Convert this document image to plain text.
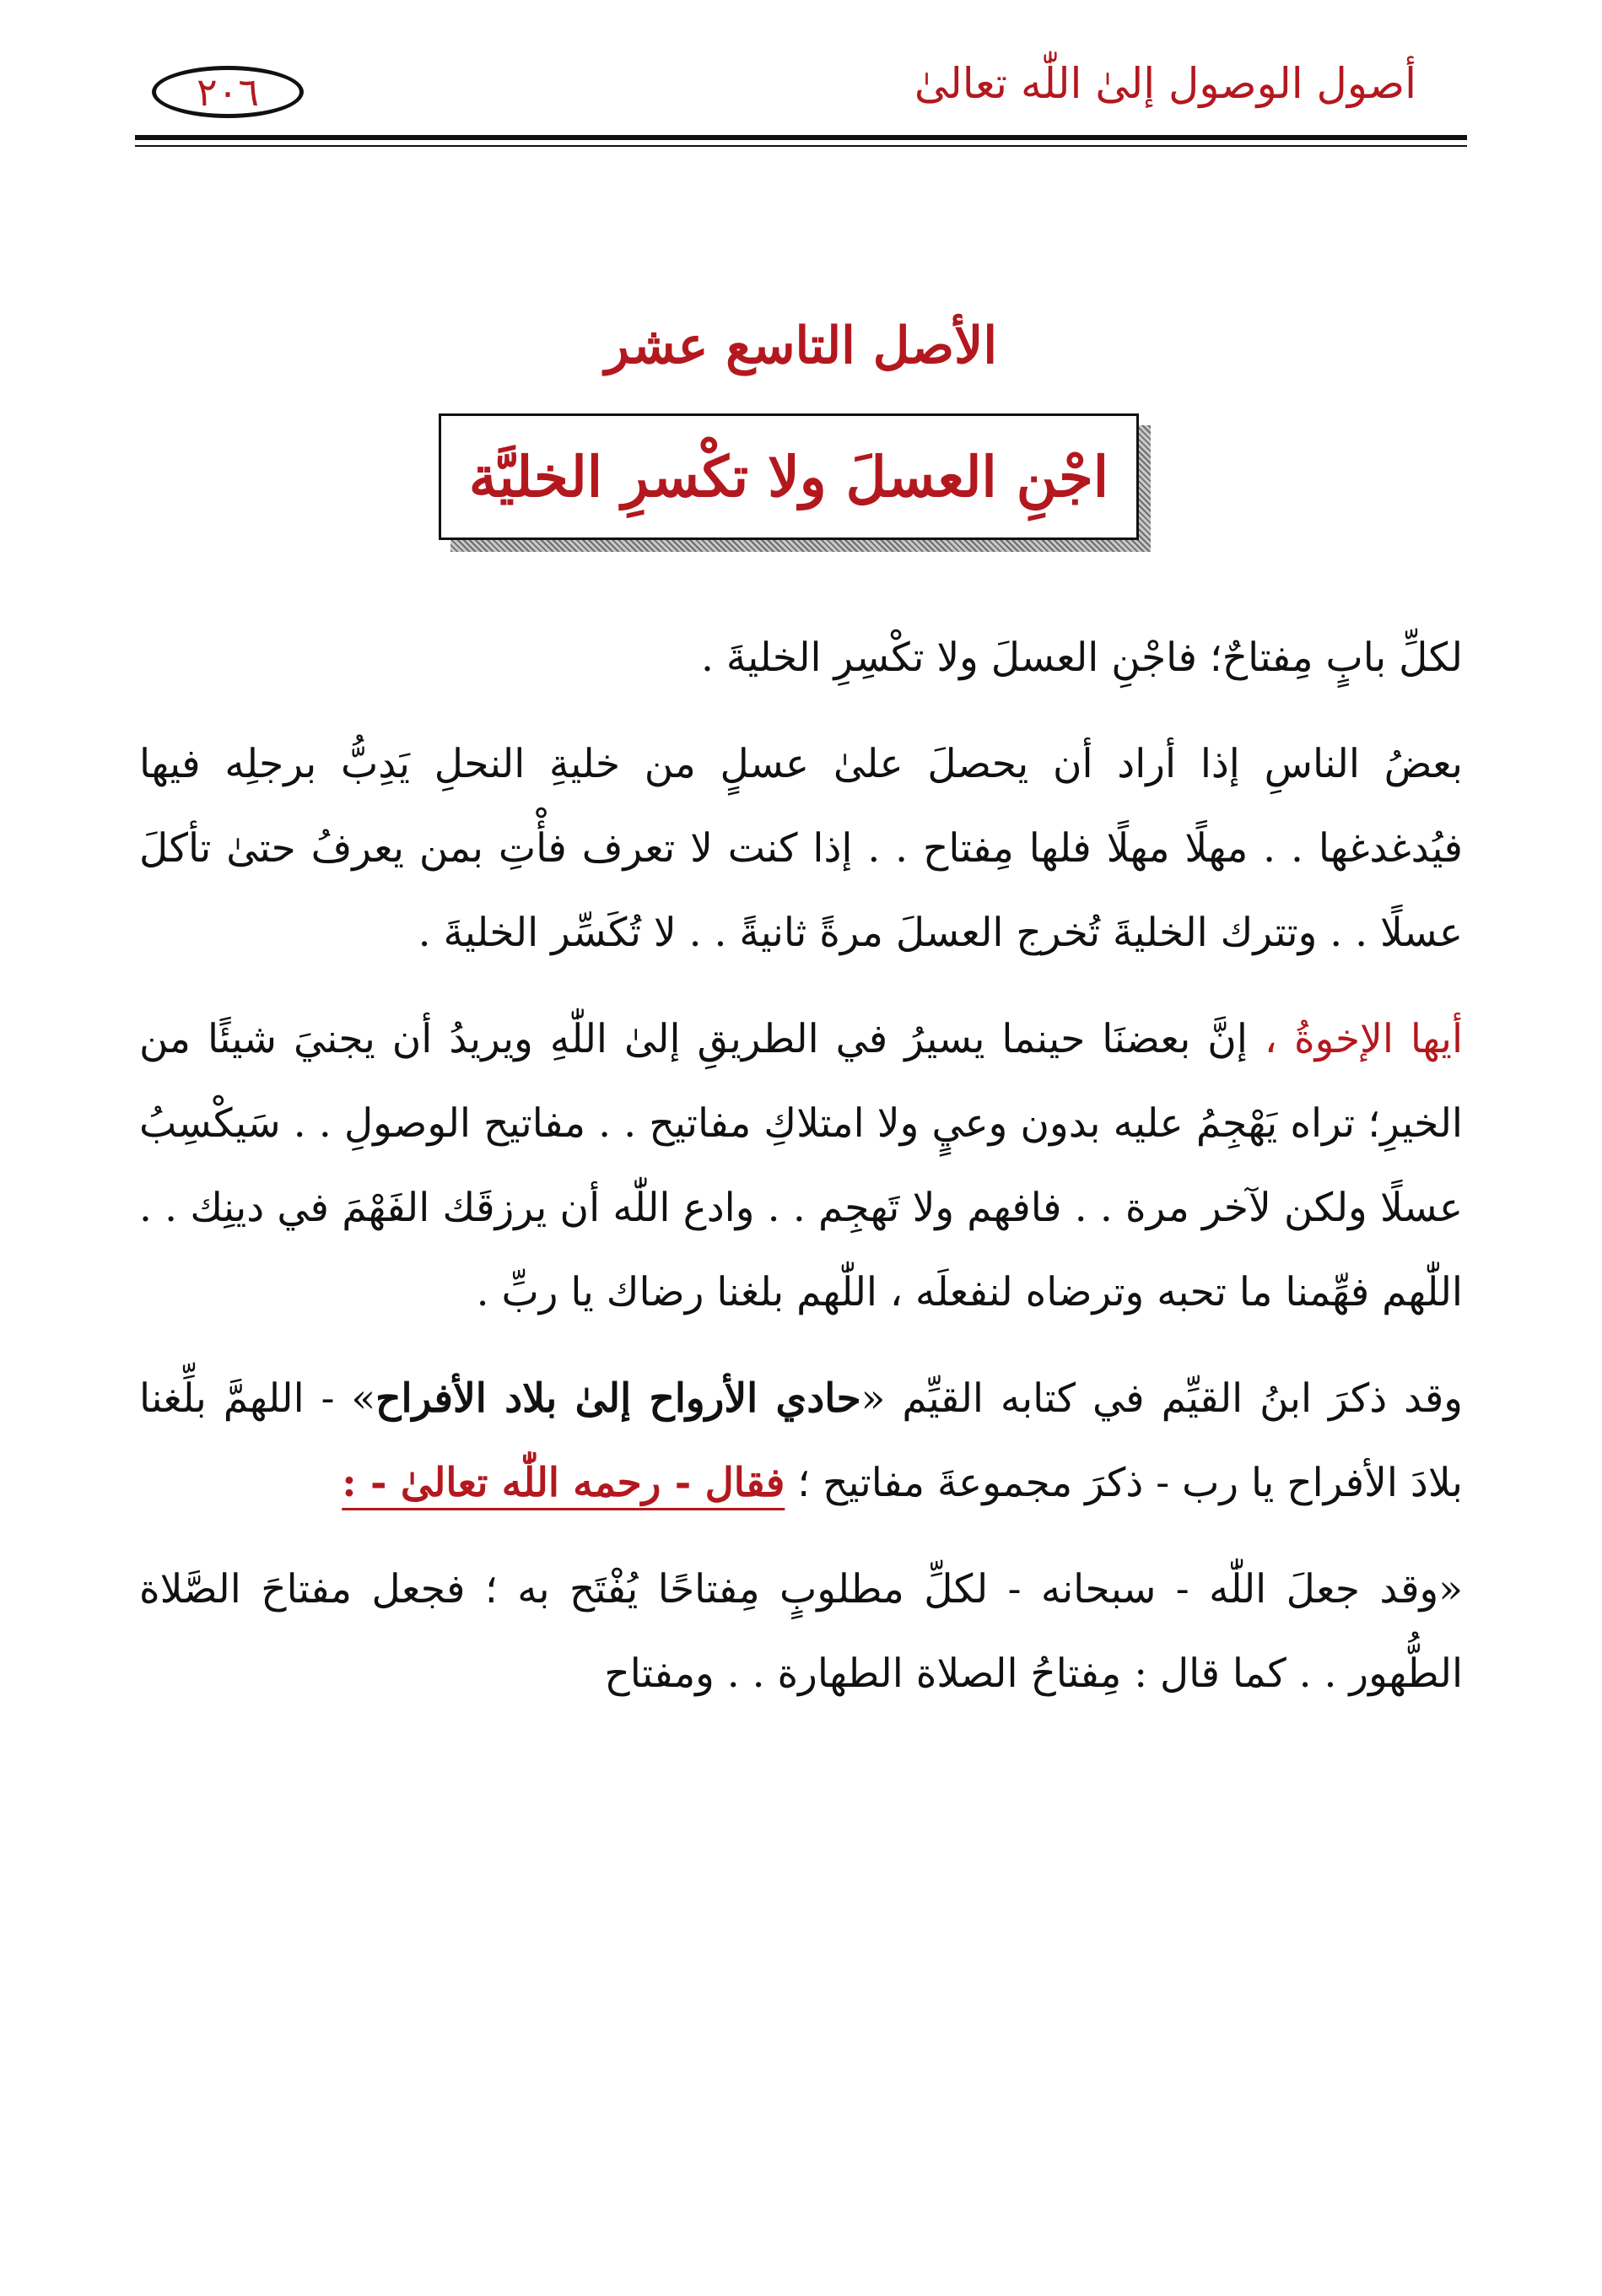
أصول الوصول إلىٰ اللّٰه تعالىٰ
٢٠٦
الأصل التاسع عشر
اجْنِ العسلَ ولا تكْسرِ الخليَّة

لكلِّ بابٍ مِفتاحٌ؛ فاجْنِ العسلَ ولا تكْسِرِ الخليةَ .

بعضُ الناسِ إذا أراد أن يحصلَ علىٰ عسلٍ من خليةِ النحلِ يَدِبُّ برجلِه فيها فيُدغدغها . . مهلًا مهلًا فلها مِفتاح . . إذا كنت لا تعرف فأْتِ بمن يعرفُ حتىٰ تأكلَ عسلًا . . وتترك الخليةَ تُخرج العسلَ مرةً ثانيةً . . لا تُكَسِّر الخليةَ .

أيها الإخوةُ ، إنَّ بعضنَا حينما يسيرُ في الطريقِ إلىٰ اللّٰهِ ويريدُ أن يجنيَ شيئًا من الخيرِ؛ تراه يَهْجِمُ عليه بدون وعيٍ ولا امتلاكِ مفاتيح . . مفاتيح الوصولِ . . سَيكْسِبُ عسلًا ولكن لآخر مرة . . فافهم ولا تَهجِم . . وادع اللّٰه أن يرزقَك الفَهْمَ في دينِك . . اللّٰهم فهِّمنا ما تحبه وترضاه لنفعلَه ، اللّٰهم بلغنا رضاك يا ربِّ .

وقد ذكرَ ابنُ القيِّم في كتابه القيِّم «حادي الأرواح إلىٰ بلاد الأفراح» - اللهمَّ بلِّغنا بلادَ الأفراح يا رب - ذكرَ مجموعةَ مفاتيح ؛ فقال - رحمه اللّٰه تعالىٰ - :

«وقد جعلَ اللّٰه - سبحانه - لكلِّ مطلوبٍ مِفتاحًا يُفْتَح به ؛ فجعل مفتاحَ الصَّلاة الطُّهور . . كما قال : مِفتاحُ الصلاة الطهارة . . ومفتاح
